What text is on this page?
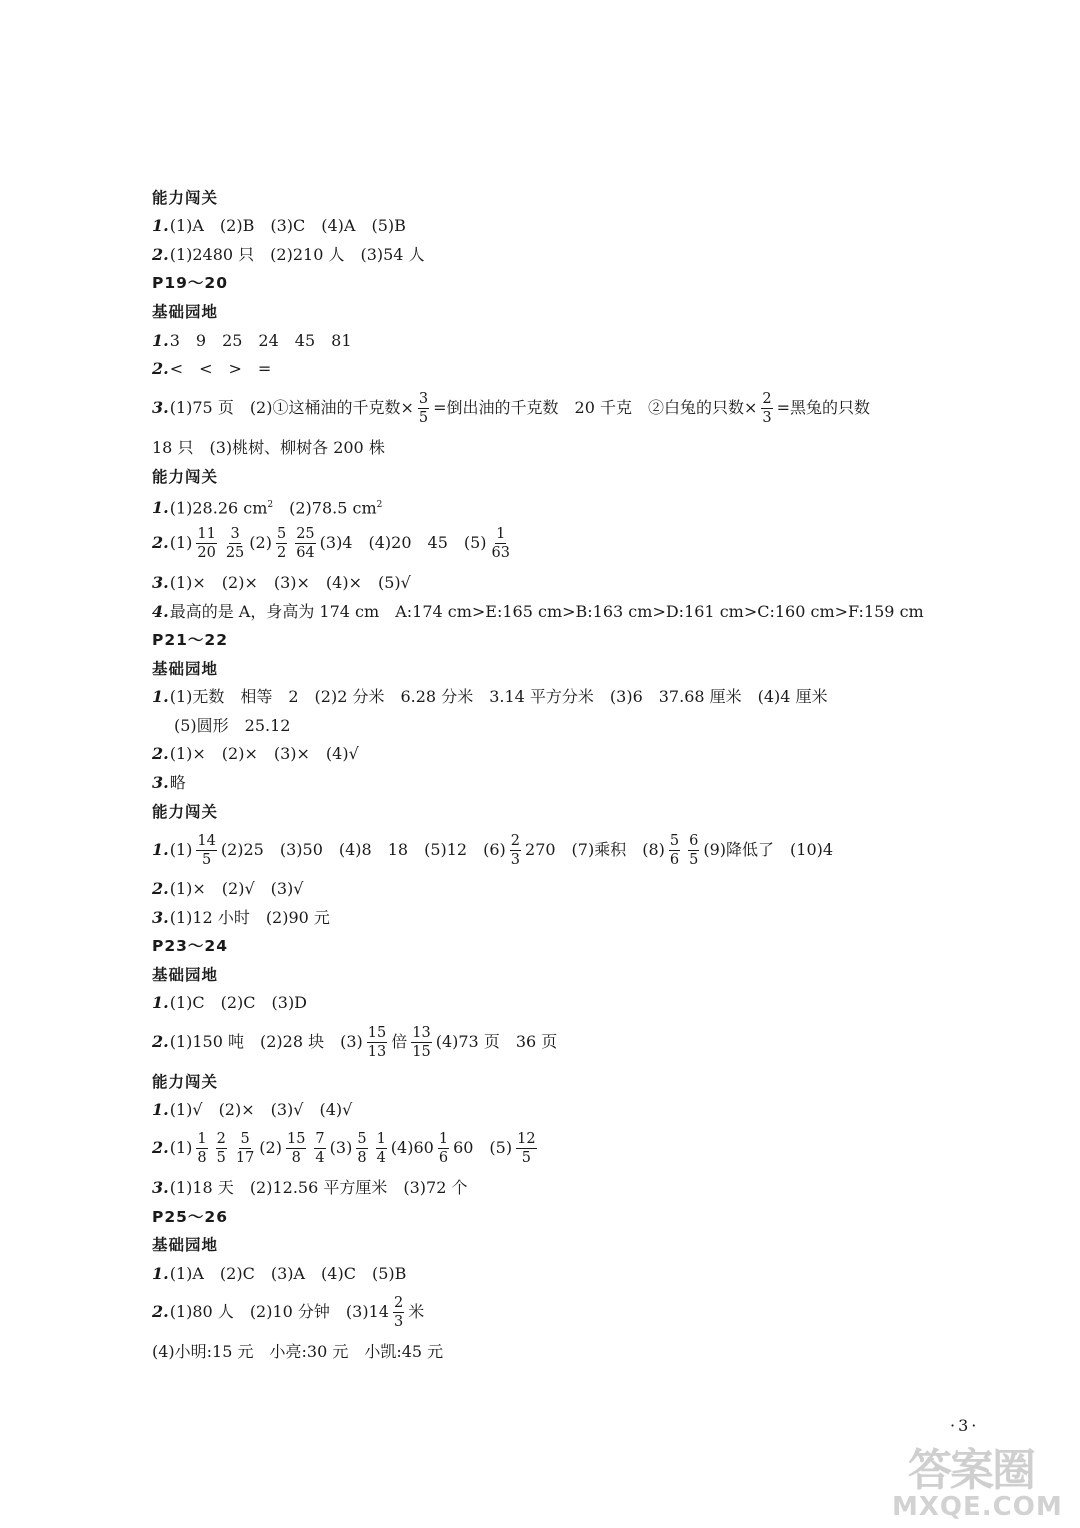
能力闯关
1.(1)A　(2)B　(3)C　(4)A　(5)B
2.(1)2480 只　(2)210 人　(3)54 人
P19～20
基础园地
1.3　9　25　24　45　81
2.<　<　>　=
3.(1)75 页　(2)①这桶油的千克数× $\frac{3}{5}$ =倒出油的千克数　20 千克　②白兔的只数× $\frac{2}{3}$ =黑兔的只数
18 只　(3)桃树、柳树各 200 株
能力闯关
1.(1)28.26 $cm^2$　(2)78.5 $cm^2$
$2.(1) \frac{11}{20} \frac{3}{25} (2) \frac{5}{2} \frac{25}{64} (3)4$　(4)20　45　$(5) \frac{1}{63}$
3.(1)×　(2)×　(3)×　(4)×　(5)√
4.最高的是 A，身高为 174 cm　A:174 cm>E:165 cm>B:163 cm>D:161 cm>C:160 cm>F:159 cm
P21～22
基础园地
1.(1)无数　相等　2　(2)2 分米　6.28 分米　3.14 平方分米　(3)6　37.68 厘米　(4)4 厘米
(5)圆形　25.12
2.(1)×　(2)×　(3)×　(4)√
3.略
能力闯关
$1.(1) \frac{14}{5} (2)25$　(3)50　(4)8　18　(5)12　$(6) \frac{2}{3} 270$　(7)乘积　$(8) \frac{5}{6} \frac{6}{5} (9)$降低了　(10)4
2.(1)×　(2)√　(3)√
3.(1)12 小时　(2)90 元
P23～24
基础园地
1.(1)C　(2)C　(3)D
2.(1)150 吨　(2)28 块　$(3) \frac{15}{13}$ 倍 $\frac{13}{15} (4)73$ 页　36 页
能力闯关
1.(1)√　(2)×　(3)√　(4)√
$2.(1) \frac{1}{8} \frac{2}{5} \frac{5}{17} (2) \frac{15}{8} \frac{7}{4} (3) \frac{5}{8} \frac{1}{4} (4)60 \frac{1}{6} 60$　$(5) \frac{12}{5}$
3.(1)18 天　(2)12.56 平方厘米　(3)72 个
P25～26
基础园地
1.(1)A　(2)C　(3)A　(4)C　(5)B
2.(1)80 人　(2)10 分钟　$(3)14 \frac{2}{3}$ 米
(4)小明:15 元　小亮:30 元　小凯:45 元
·3·
答案圈
MXQE.COM
